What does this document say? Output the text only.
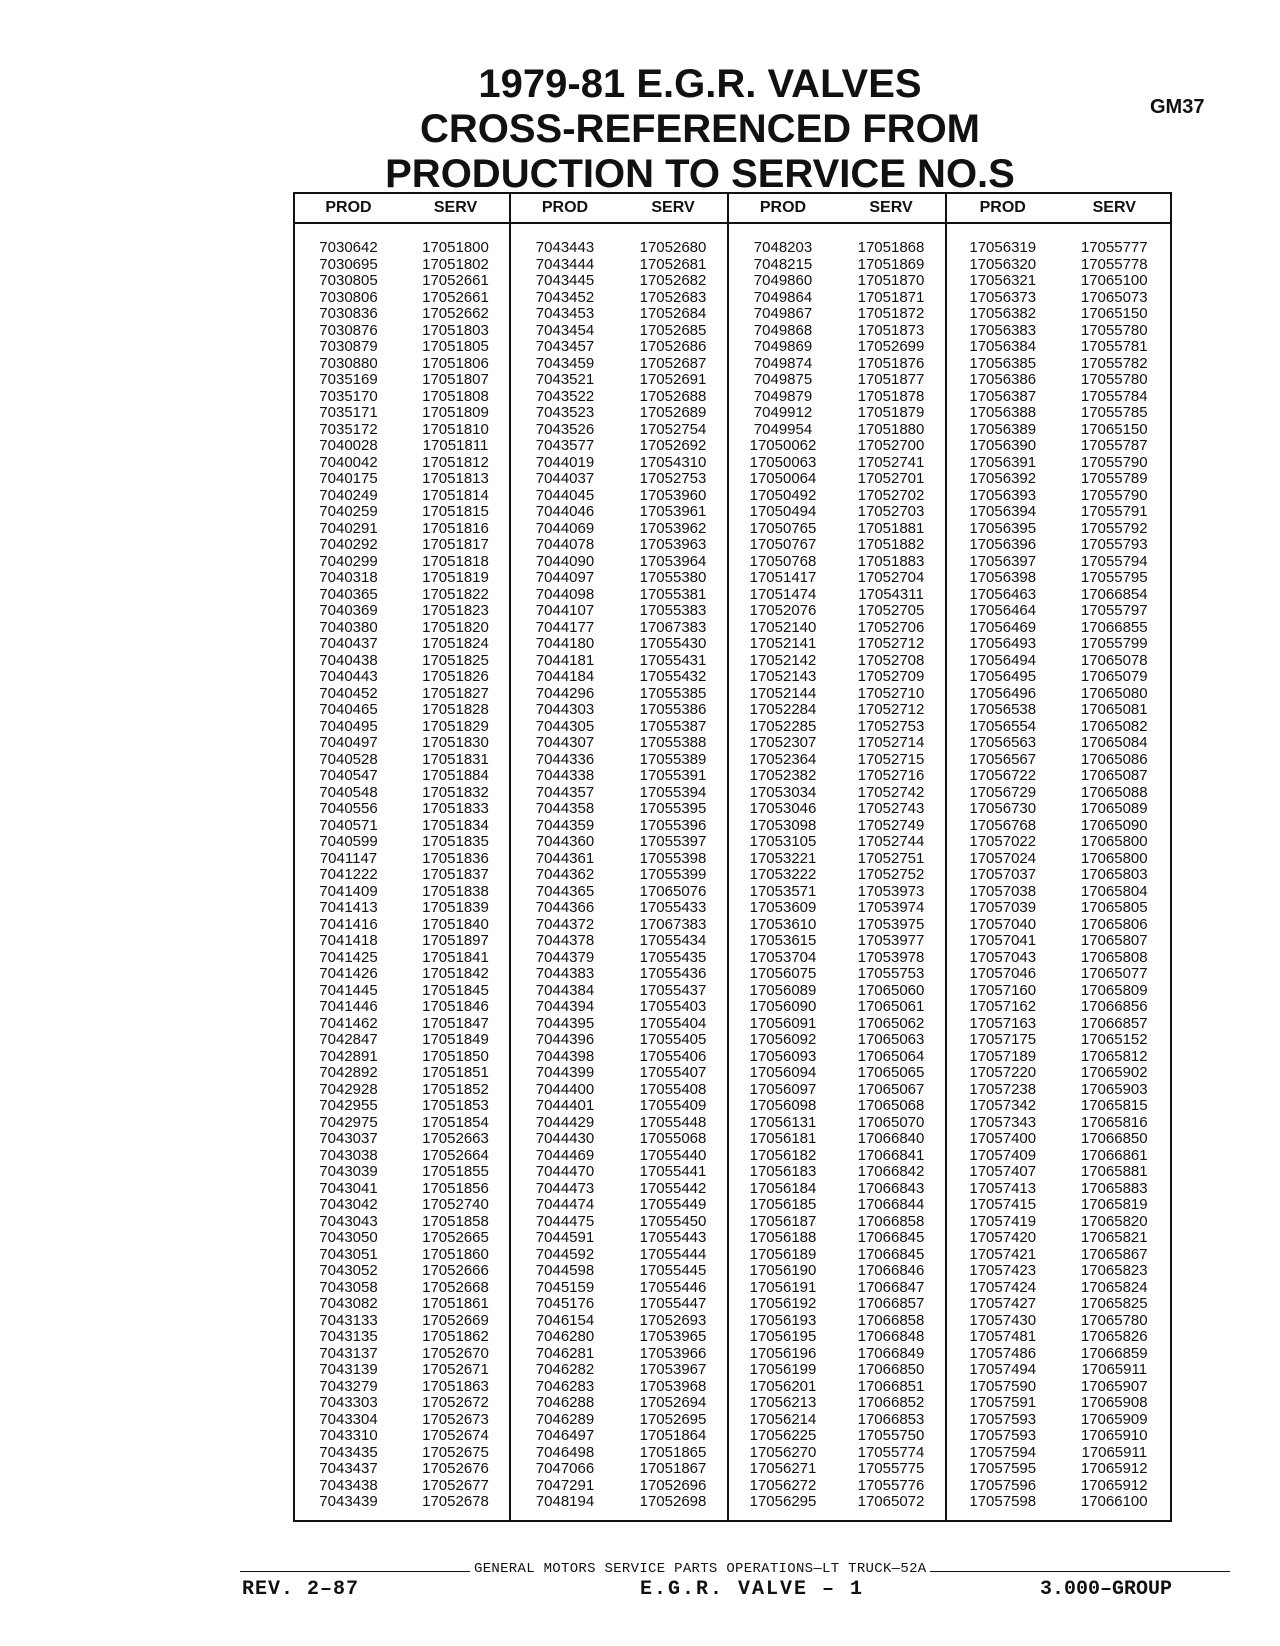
1979-81 E.G.R. VALVES
CROSS-REFERENCED FROM
PRODUCTION TO SERVICE NO.S
GM37
PROD	SERV
7030642	17051800
7030695	17051802
7030805	17052661
7030806	17052661
7030836	17052662
7030876	17051803
7030879	17051805
7030880	17051806
7035169	17051807
7035170	17051808
7035171	17051809
7035172	17051810
7040028	17051811
7040042	17051812
7040175	17051813
7040249	17051814
7040259	17051815
7040291	17051816
7040292	17051817
7040299	17051818
7040318	17051819
7040365	17051822
7040369	17051823
7040380	17051820
7040437	17051824
7040438	17051825
7040443	17051826
7040452	17051827
7040465	17051828
7040495	17051829
7040497	17051830
7040528	17051831
7040547	17051884
7040548	17051832
7040556	17051833
7040571	17051834
7040599	17051835
7041147	17051836
7041222	17051837
7041409	17051838
7041413	17051839
7041416	17051840
7041418	17051897
7041425	17051841
7041426	17051842
7041445	17051845
7041446	17051846
7041462	17051847
7042847	17051849
7042891	17051850
7042892	17051851
7042928	17051852
7042955	17051853
7042975	17051854
7043037	17052663
7043038	17052664
7043039	17051855
7043041	17051856
7043042	17052740
7043043	17051858
7043050	17052665
7043051	17051860
7043052	17052666
7043058	17052668
7043082	17051861
7043133	17052669
7043135	17051862
7043137	17052670
7043139	17052671
7043279	17051863
7043303	17052672
7043304	17052673
7043310	17052674
7043435	17052675
7043437	17052676
7043438	17052677
7043439	17052678
PROD	SERV
7043443	17052680
7043444	17052681
7043445	17052682
7043452	17052683
7043453	17052684
7043454	17052685
7043457	17052686
7043459	17052687
7043521	17052691
7043522	17052688
7043523	17052689
7043526	17052754
7043577	17052692
7044019	17054310
7044037	17052753
7044045	17053960
7044046	17053961
7044069	17053962
7044078	17053963
7044090	17053964
7044097	17055380
7044098	17055381
7044107	17055383
7044177	17067383
7044180	17055430
7044181	17055431
7044184	17055432
7044296	17055385
7044303	17055386
7044305	17055387
7044307	17055388
7044336	17055389
7044338	17055391
7044357	17055394
7044358	17055395
7044359	17055396
7044360	17055397
7044361	17055398
7044362	17055399
7044365	17065076
7044366	17055433
7044372	17067383
7044378	17055434
7044379	17055435
7044383	17055436
7044384	17055437
7044394	17055403
7044395	17055404
7044396	17055405
7044398	17055406
7044399	17055407
7044400	17055408
7044401	17055409
7044429	17055448
7044430	17055068
7044469	17055440
7044470	17055441
7044473	17055442
7044474	17055449
7044475	17055450
7044591	17055443
7044592	17055444
7044598	17055445
7045159	17055446
7045176	17055447
7046154	17052693
7046280	17053965
7046281	17053966
7046282	17053967
7046283	17053968
7046288	17052694
7046289	17052695
7046497	17051864
7046498	17051865
7047066	17051867
7047291	17052696
7048194	17052698
PROD	SERV
7048203	17051868
7048215	17051869
7049860	17051870
7049864	17051871
7049867	17051872
7049868	17051873
7049869	17052699
7049874	17051876
7049875	17051877
7049879	17051878
7049912	17051879
7049954	17051880
17050062	17052700
17050063	17052741
17050064	17052701
17050492	17052702
17050494	17052703
17050765	17051881
17050767	17051882
17050768	17051883
17051417	17052704
17051474	17054311
17052076	17052705
17052140	17052706
17052141	17052712
17052142	17052708
17052143	17052709
17052144	17052710
17052284	17052712
17052285	17052753
17052307	17052714
17052364	17052715
17052382	17052716
17053034	17052742
17053046	17052743
17053098	17052749
17053105	17052744
17053221	17052751
17053222	17052752
17053571	17053973
17053609	17053974
17053610	17053975
17053615	17053977
17053704	17053978
17056075	17055753
17056089	17065060
17056090	17065061
17056091	17065062
17056092	17065063
17056093	17065064
17056094	17065065
17056097	17065067
17056098	17065068
17056131	17065070
17056181	17066840
17056182	17066841
17056183	17066842
17056184	17066843
17056185	17066844
17056187	17066858
17056188	17066845
17056189	17066845
17056190	17066846
17056191	17066847
17056192	17066857
17056193	17066858
17056195	17066848
17056196	17066849
17056199	17066850
17056201	17066851
17056213	17066852
17056214	17066853
17056225	17055750
17056270	17055774
17056271	17055775
17056272	17055776
17056295	17065072
PROD	SERV
17056319	17055777
17056320	17055778
17056321	17065100
17056373	17065073
17056382	17065150
17056383	17055780
17056384	17055781
17056385	17055782
17056386	17055780
17056387	17055784
17056388	17055785
17056389	17065150
17056390	17055787
17056391	17055790
17056392	17055789
17056393	17055790
17056394	17055791
17056395	17055792
17056396	17055793
17056397	17055794
17056398	17055795
17056463	17066854
17056464	17055797
17056469	17066855
17056493	17055799
17056494	17065078
17056495	17065079
17056496	17065080
17056538	17065081
17056554	17065082
17056563	17065084
17056567	17065086
17056722	17065087
17056729	17065088
17056730	17065089
17056768	17065090
17057022	17065800
17057024	17065800
17057037	17065803
17057038	17065804
17057039	17065805
17057040	17065806
17057041	17065807
17057043	17065808
17057046	17065077
17057160	17065809
17057162	17066856
17057163	17066857
17057175	17065152
17057189	17065812
17057220	17065902
17057238	17065903
17057342	17065815
17057343	17065816
17057400	17066850
17057409	17066861
17057407	17065881
17057413	17065883
17057415	17065819
17057419	17065820
17057420	17065821
17057421	17065867
17057423	17065823
17057424	17065824
17057427	17065825
17057430	17065780
17057481	17065826
17057486	17066859
17057494	17065911
17057590	17065907
17057591	17065908
17057593	17065909
17057593	17065910
17057594	17065911
17057595	17065912
17057596	17065912
17057598	17066100
GENERAL MOTORS SERVICE PARTS OPERATIONS—LT TRUCK—52A
REV. 2–87	E.G.R. VALVE – 1	3.000–GROUP
